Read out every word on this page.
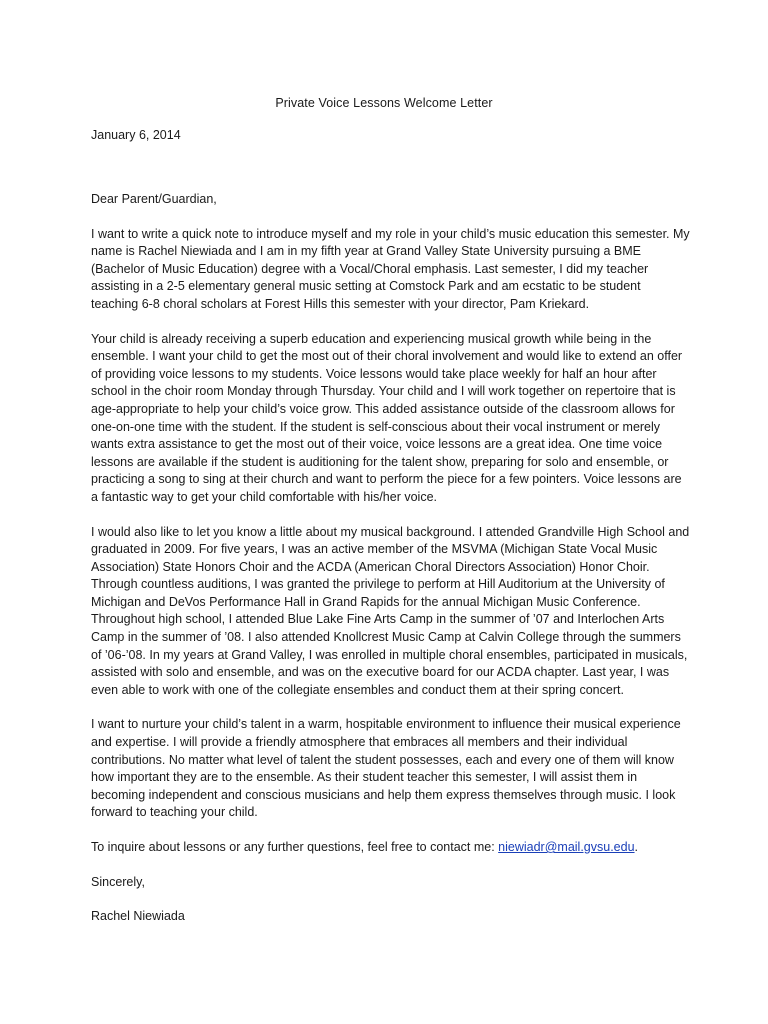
Private Voice Lessons Welcome Letter
January 6, 2014

Dear Parent/Guardian,

I want to write a quick note to introduce myself and my role in your child’s music education this semester. My name is Rachel Niewiada and I am in my fifth year at Grand Valley State University pursuing a BME (Bachelor of Music Education) degree with a Vocal/Choral emphasis. Last semester, I did my teacher assisting in a 2-5 elementary general music setting at Comstock Park and am ecstatic to be student teaching 6-8 choral scholars at Forest Hills this semester with your director, Pam Kriekard.

Your child is already receiving a superb education and experiencing musical growth while being in the ensemble. I want your child to get the most out of their choral involvement and would like to extend an offer of providing voice lessons to my students. Voice lessons would take place weekly for half an hour after school in the choir room Monday through Thursday. Your child and I will work together on repertoire that is age-appropriate to help your child’s voice grow. This added assistance outside of the classroom allows for one-on-one time with the student. If the student is self-conscious about their vocal instrument or merely wants extra assistance to get the most out of their voice, voice lessons are a great idea. One time voice lessons are available if the student is auditioning for the talent show, preparing for solo and ensemble, or practicing a song to sing at their church and want to perform the piece for a few pointers. Voice lessons are a fantastic way to get your child comfortable with his/her voice.

I would also like to let you know a little about my musical background. I attended Grandville High School and graduated in 2009. For five years, I was an active member of the MSVMA (Michigan State Vocal Music Association) State Honors Choir and the ACDA (American Choral Directors Association) Honor Choir. Through countless auditions, I was granted the privilege to perform at Hill Auditorium at the University of Michigan and DeVos Performance Hall in Grand Rapids for the annual Michigan Music Conference. Throughout high school, I attended Blue Lake Fine Arts Camp in the summer of ’07 and Interlochen Arts Camp in the summer of ’08. I also attended Knollcrest Music Camp at Calvin College through the summers of ’06-’08. In my years at Grand Valley, I was enrolled in multiple choral ensembles, participated in musicals, assisted with solo and ensemble, and was on the executive board for our ACDA chapter. Last year, I was even able to work with one of the collegiate ensembles and conduct them at their spring concert.

I want to nurture your child’s talent in a warm, hospitable environment to influence their musical experience and expertise. I will provide a friendly atmosphere that embraces all members and their individual contributions. No matter what level of talent the student possesses, each and every one of them will know how important they are to the ensemble. As their student teacher this semester, I will assist them in becoming independent and conscious musicians and help them express themselves through music. I look forward to teaching your child.

To inquire about lessons or any further questions, feel free to contact me: niewiadr@mail.gvsu.edu.

Sincerely,

Rachel Niewiada
